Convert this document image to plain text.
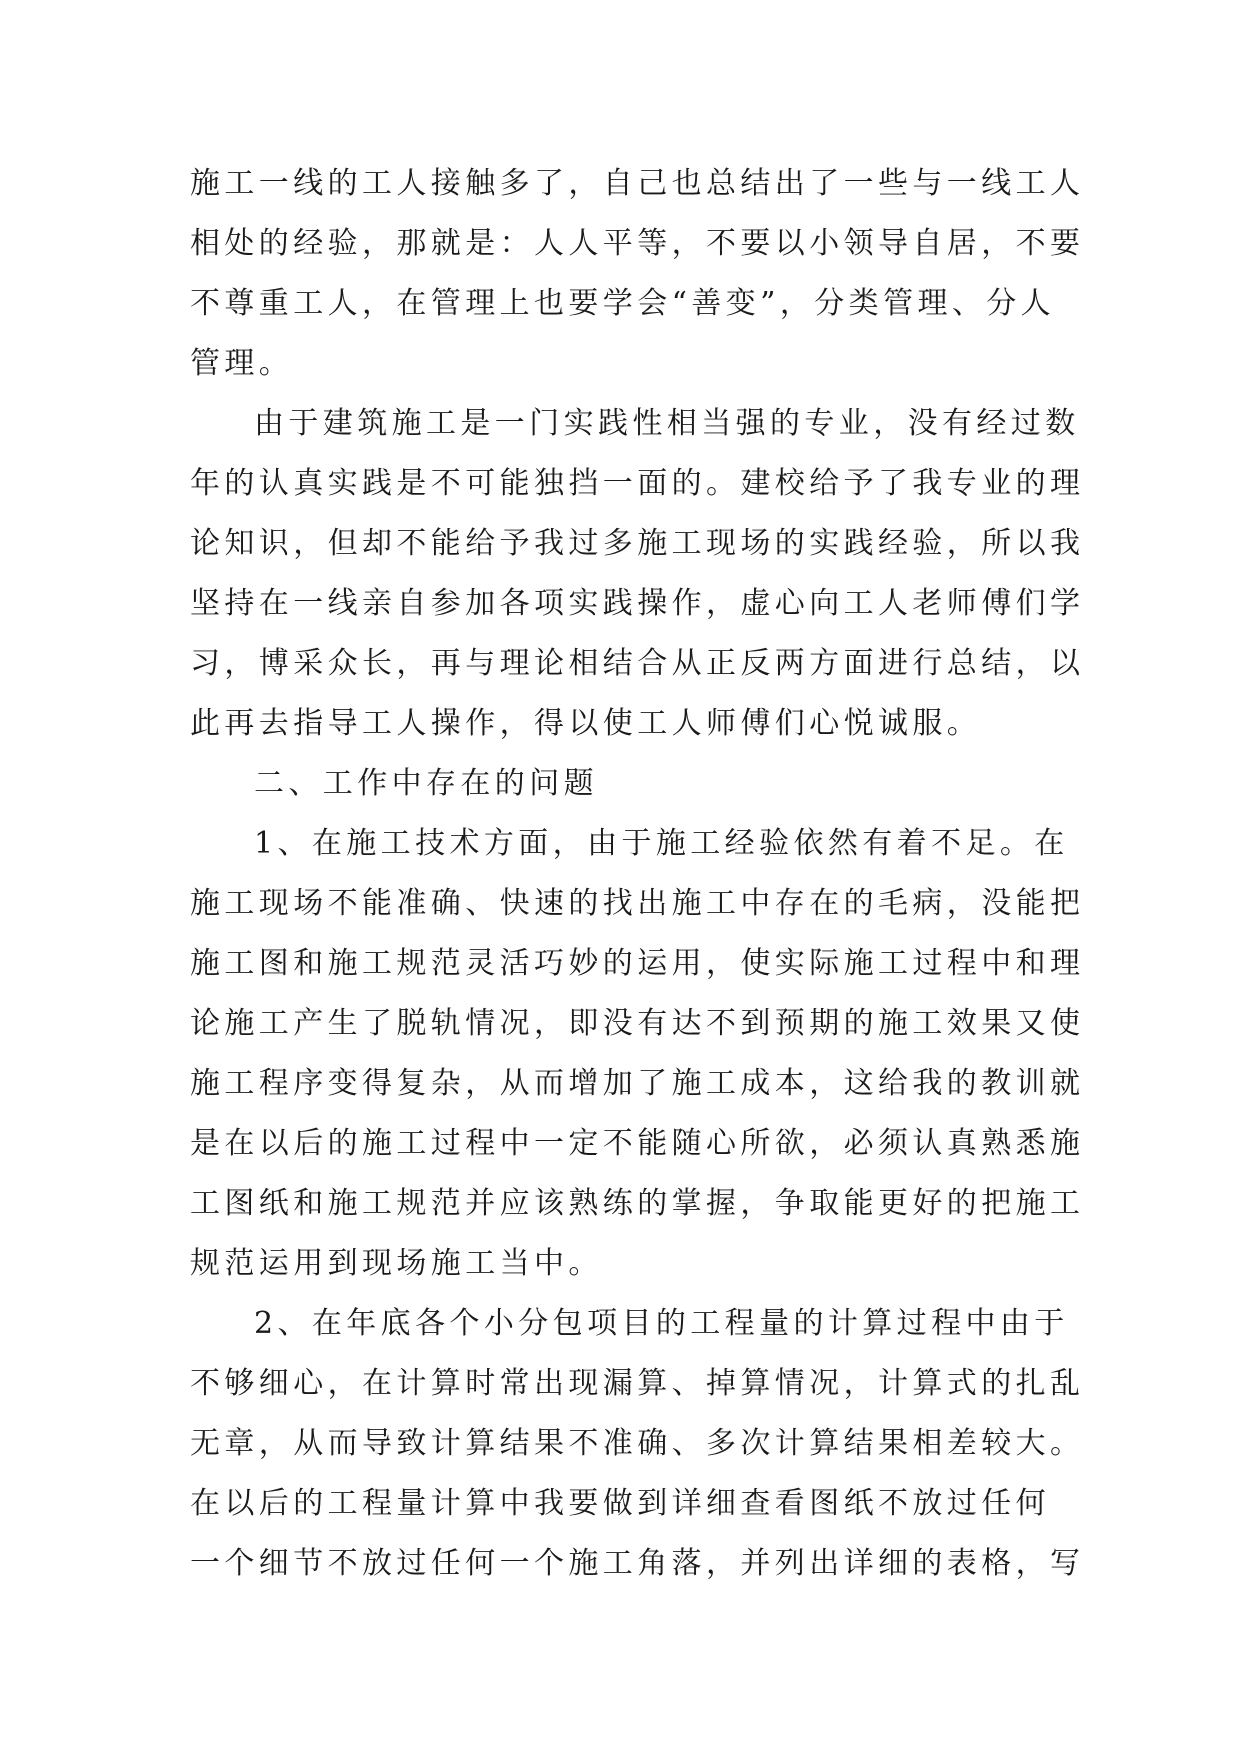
施工一线的工人接触多了，自己也总结出了一些与一线工人
相处的经验，那就是：人人平等，不要以小领导自居，不要
不尊重工人，在管理上也要学会“善变”，分类管理、分人
管理。
由于建筑施工是一门实践性相当强的专业，没有经过数
年的认真实践是不可能独挡一面的。建校给予了我专业的理
论知识，但却不能给予我过多施工现场的实践经验，所以我
坚持在一线亲自参加各项实践操作，虚心向工人老师傅们学
习，博采众长，再与理论相结合从正反两方面进行总结，以
此再去指导工人操作，得以使工人师傅们心悦诚服。
二、工作中存在的问题
1、在施工技术方面，由于施工经验依然有着不足。在
施工现场不能准确、快速的找出施工中存在的毛病，没能把
施工图和施工规范灵活巧妙的运用，使实际施工过程中和理
论施工产生了脱轨情况，即没有达不到预期的施工效果又使
施工程序变得复杂，从而增加了施工成本，这给我的教训就
是在以后的施工过程中一定不能随心所欲，必须认真熟悉施
工图纸和施工规范并应该熟练的掌握，争取能更好的把施工
规范运用到现场施工当中。
2、在年底各个小分包项目的工程量的计算过程中由于
不够细心，在计算时常出现漏算、掉算情况，计算式的扎乱
无章，从而导致计算结果不准确、多次计算结果相差较大。
在以后的工程量计算中我要做到详细查看图纸不放过任何
一个细节不放过任何一个施工角落，并列出详细的表格，写
